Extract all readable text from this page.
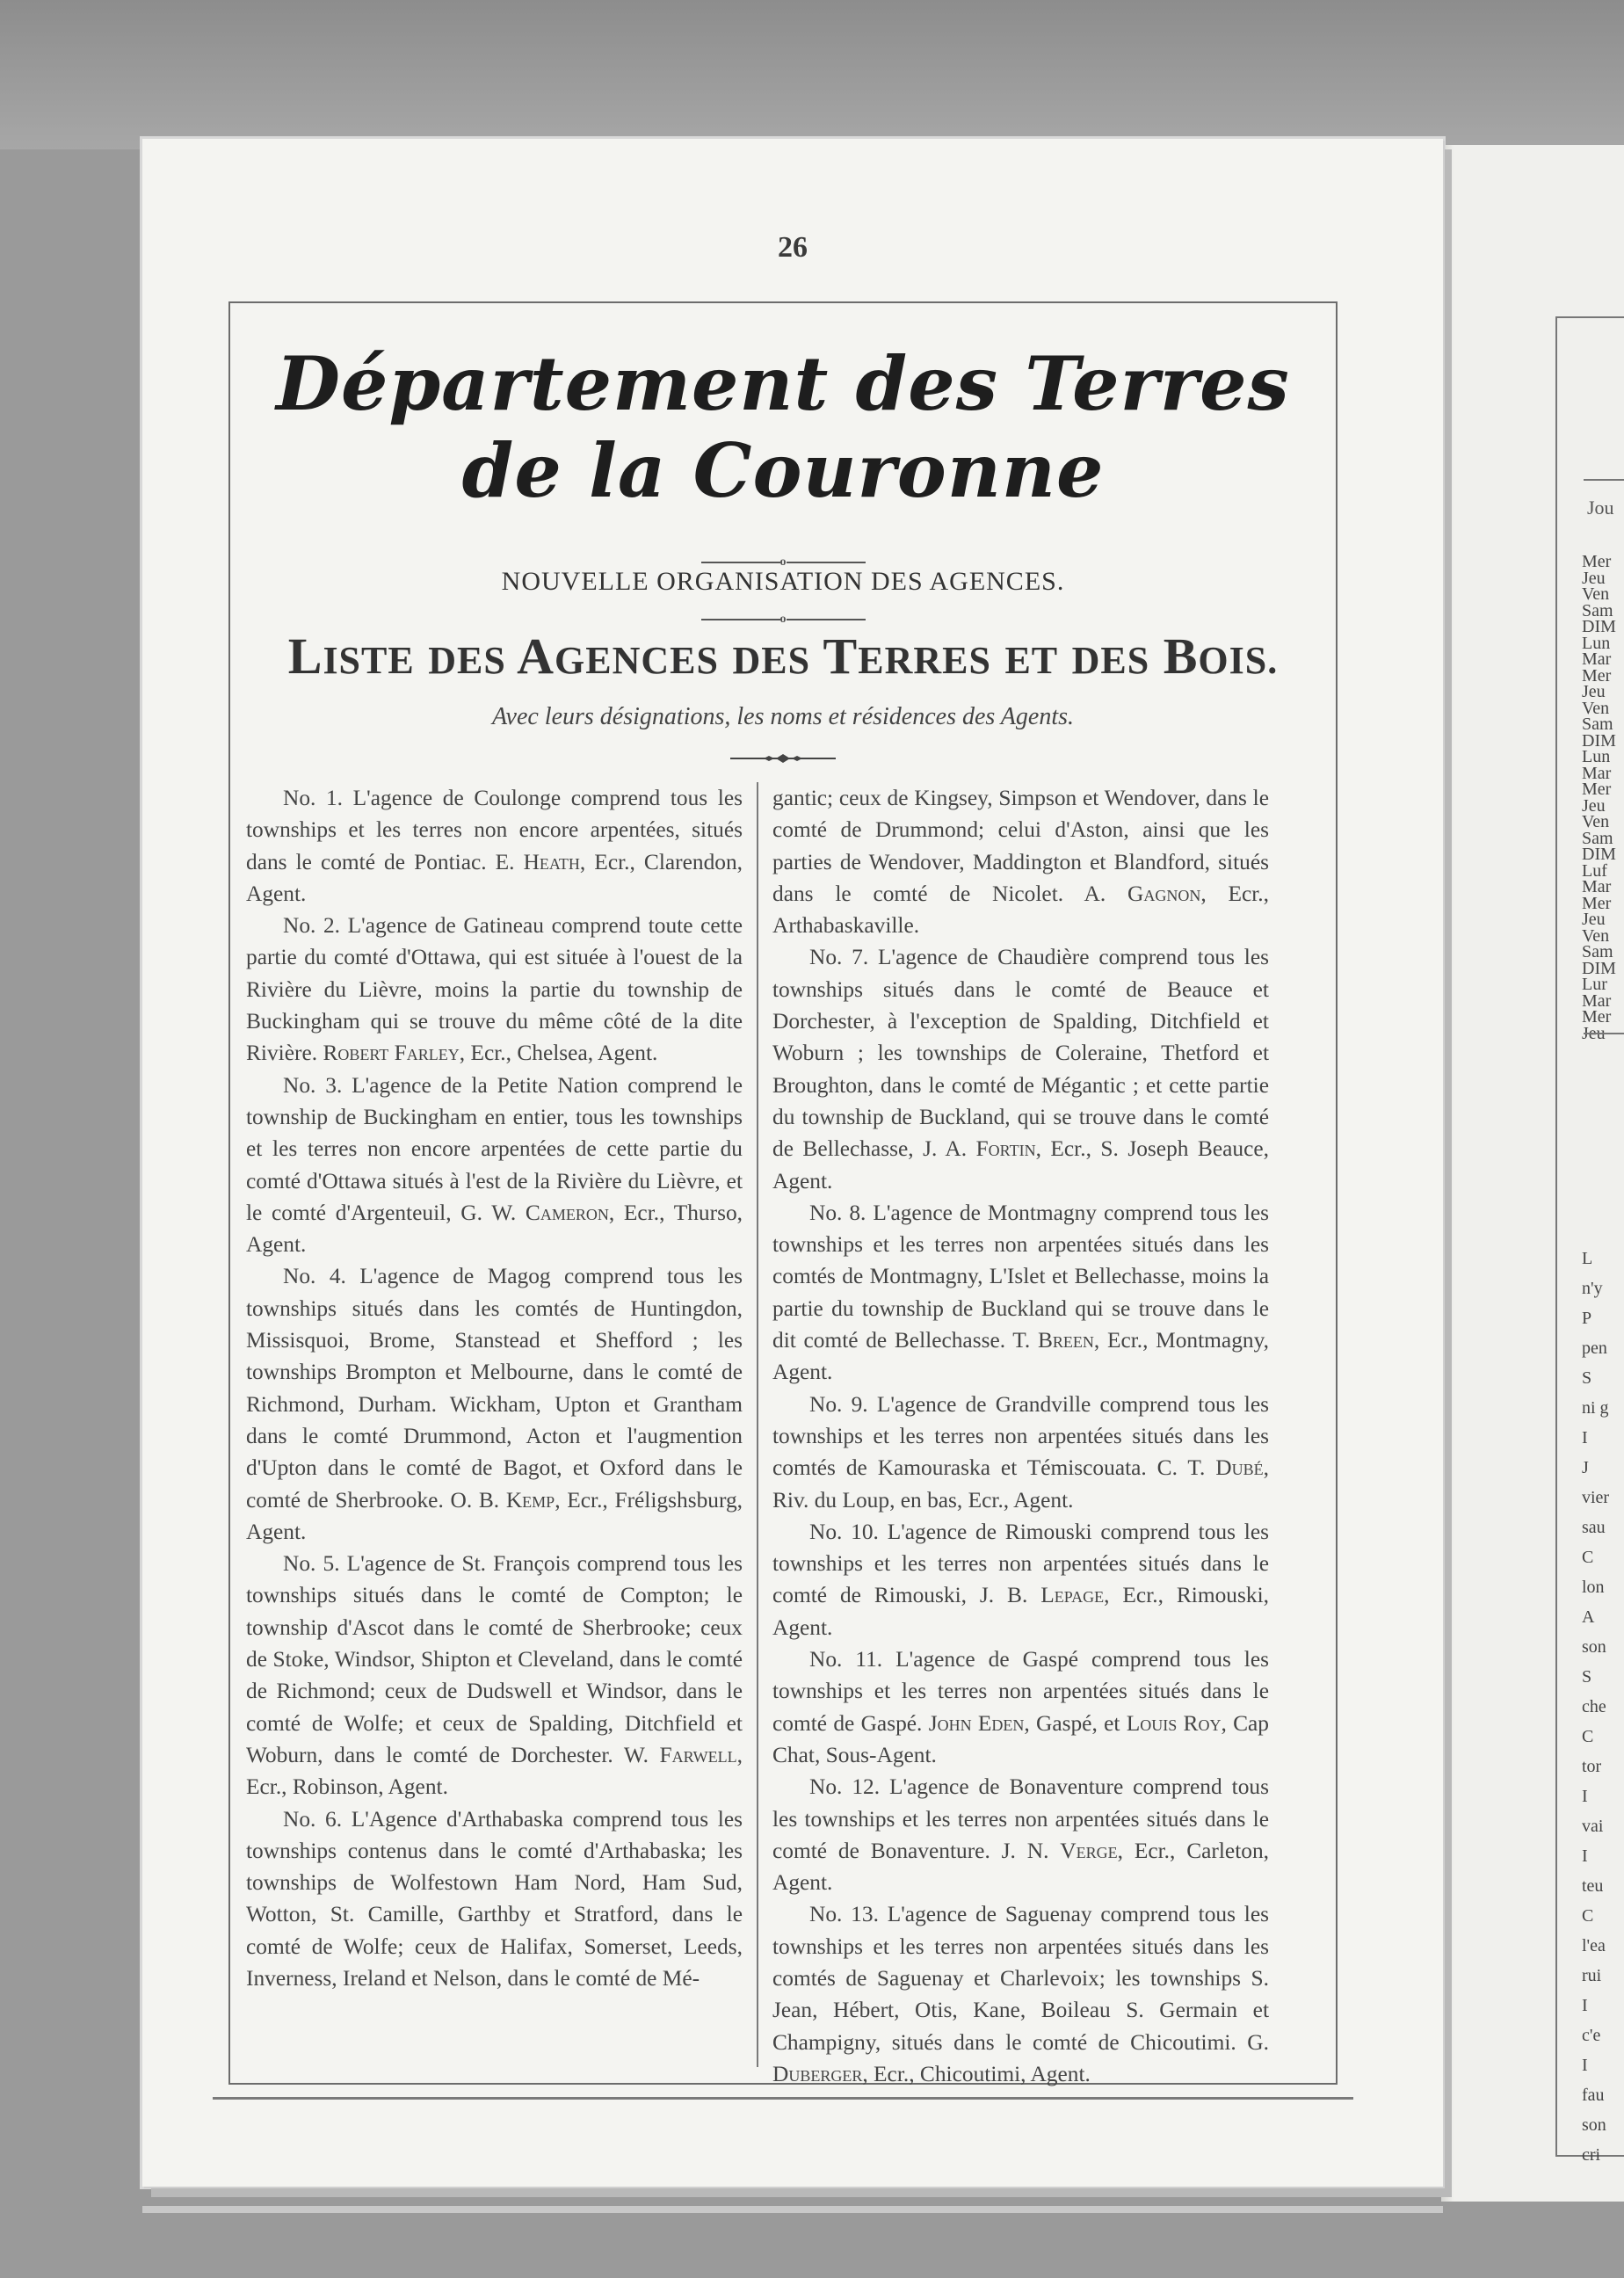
Jou
Mer
Jeu
Ven
Sam
DIM
Lun
Mar
Mer
Jeu
Ven
Sam
DIM
Lun
Mar
Mer
Jeu
Ven
Sam
DIM
Luf
Mar
Mer
Jeu
Ven
Sam
DIM
Lur
Mar
Mer
Jeu
L
n'y
P
pen
S
ni g
I
J
vier
sau
C
lon
A
son
S
che
C
tor
I
vai
I
teu
C
l'ea
rui
I
c'e
I
fau
son
cri
26
Département des Terres de la Couronne
o
NOUVELLE ORGANISATION DES AGENCES.
o
LISTE DES AGENCES DES TERRES ET DES BOIS.
Avec leurs désignations, les noms et résidences des Agents.

No. 1. L'agence de Coulonge comprend tous les townships et les terres non encore arpentées, situés dans le comté de Pontiac. E. Heath, Ecr., Clarendon, Agent.

No. 2. L'agence de Gatineau comprend toute cette partie du comté d'Ottawa, qui est située à l'ouest de la Rivière du Lièvre, moins la partie du township de Buckingham qui se trouve du même côté de la dite Rivière. Robert Farley, Ecr., Chelsea, Agent.

No. 3. L'agence de la Petite Nation comprend le township de Buckingham en entier, tous les townships et les terres non encore arpentées de cette partie du comté d'Ottawa situés à l'est de la Rivière du Lièvre, et le comté d'Argenteuil, G. W. Cameron, Ecr., Thurso, Agent.

No. 4. L'agence de Magog comprend tous les townships situés dans les comtés de Huntingdon, Missisquoi, Brome, Stanstead et Shefford ; les townships Brompton et Melbourne, dans le comté de Richmond, Durham. Wickham, Upton et Grantham dans le comté Drummond, Acton et l'augmention d'Upton dans le comté de Bagot, et Oxford dans le comté de Sherbrooke. O. B. Kemp, Ecr., Fréligshsburg, Agent.

No. 5. L'agence de St. François comprend tous les townships situés dans le comté de Compton; le township d'Ascot dans le comté de Sherbrooke; ceux de Stoke, Windsor, Shipton et Cleveland, dans le comté de Richmond; ceux de Dudswell et Windsor, dans le comté de Wolfe; et ceux de Spalding, Ditchfield et Woburn, dans le comté de Dorchester. W. Farwell, Ecr., Robinson, Agent.

No. 6. L'Agence d'Arthabaska comprend tous les townships contenus dans le comté d'Arthabaska; les townships de Wolfestown Ham Nord, Ham Sud, Wotton, St. Camille, Garthby et Stratford, dans le comté de Wolfe; ceux de Halifax, Somerset, Leeds, Inverness, Ireland et Nelson, dans le comté de Mé-

gantic; ceux de Kingsey, Simpson et Wendover, dans le comté de Drummond; celui d'Aston, ainsi que les parties de Wendover, Maddington et Blandford, situés dans le comté de Nicolet. A. Gagnon, Ecr., Arthabaskaville.

No. 7. L'agence de Chaudière comprend tous les townships situés dans le comté de Beauce et Dorchester, à l'exception de Spalding, Ditchfield et Woburn ; les townships de Coleraine, Thetford et Broughton, dans le comté de Mégantic ; et cette partie du township de Buckland, qui se trouve dans le comté de Bellechasse, J. A. Fortin, Ecr., S. Joseph Beauce, Agent.

No. 8. L'agence de Montmagny comprend tous les townships et les terres non arpentées situés dans les comtés de Montmagny, L'Islet et Bellechasse, moins la partie du township de Buckland qui se trouve dans le dit comté de Bellechasse. T. Breen, Ecr., Montmagny, Agent.

No. 9. L'agence de Grandville comprend tous les townships et les terres non arpentées situés dans les comtés de Kamouraska et Témiscouata. C. T. Dubé, Riv. du Loup, en bas, Ecr., Agent.

No. 10. L'agence de Rimouski comprend tous les townships et les terres non arpentées situés dans le comté de Rimouski, J. B. Lepage, Ecr., Rimouski, Agent.

No. 11. L'agence de Gaspé comprend tous les townships et les terres non arpentées situés dans le comté de Gaspé. John Eden, Gaspé, et Louis Roy, Cap Chat, Sous-Agent.

No. 12. L'agence de Bonaventure comprend tous les townships et les terres non arpentées situés dans le comté de Bonaventure. J. N. Verge, Ecr., Carleton, Agent.

No. 13. L'agence de Saguenay comprend tous les townships et les terres non arpentées situés dans les comtés de Saguenay et Charlevoix; les townships S. Jean, Hébert, Otis, Kane, Boileau S. Germain et Champigny, situés dans le comté de Chicoutimi. G. Duberger, Ecr., Chicoutimi, Agent.
